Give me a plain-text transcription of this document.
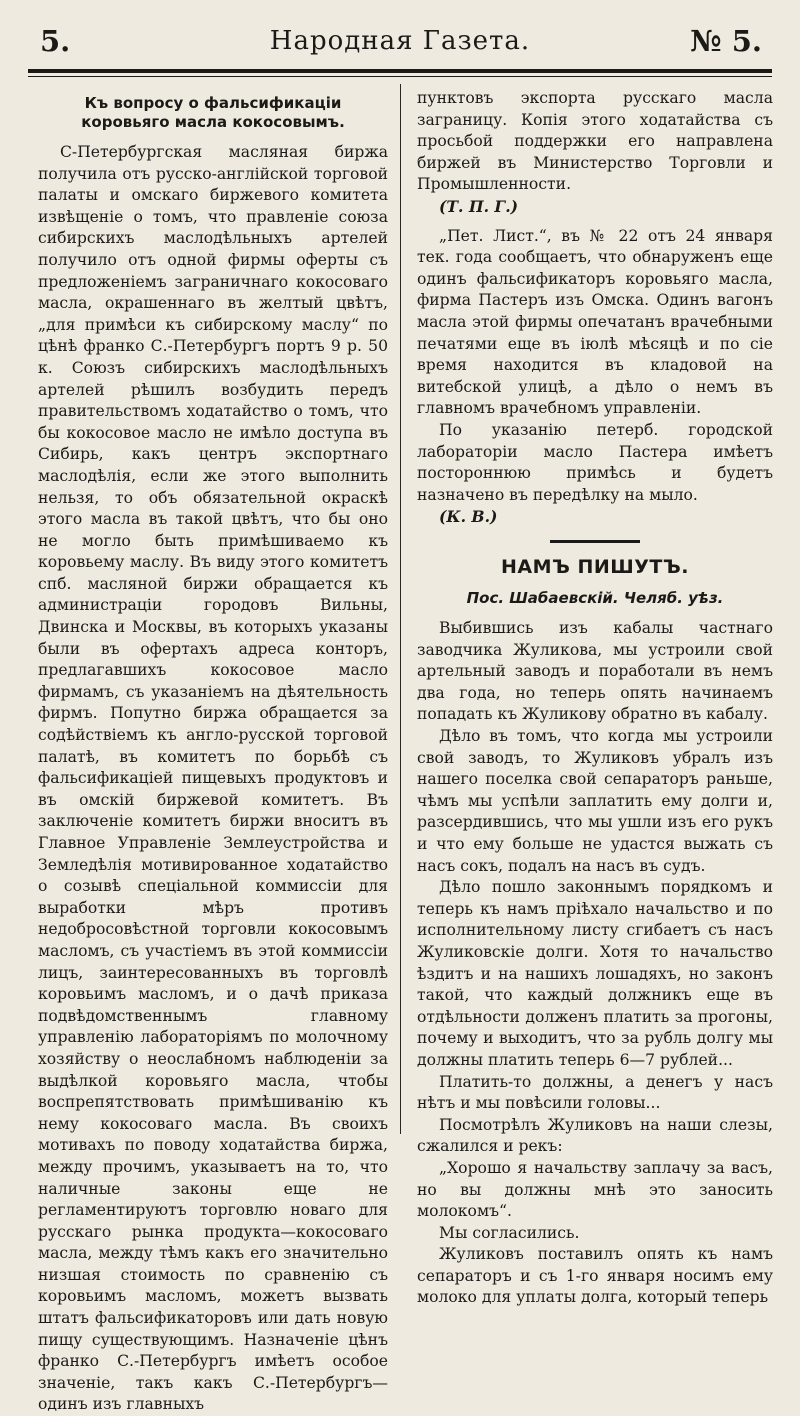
5.	Народная Газета.	№ 5.
Къ вопросу о фальсификаціи коровьяго масла кокосовымъ.

С-Петербургская масляная биржа получила отъ русско-англійской торговой палаты и омскаго биржевого комитета извѣщеніе о томъ, что правленіе союза сибирскихъ маслодѣльныхъ артелей получило отъ одной фирмы оферты съ предложеніемъ заграничнаго кокосоваго масла, окрашеннаго въ желтый цвѣтъ, „для примѣси къ сибирскому маслу“ по цѣнѣ франко С.-Петербургъ портъ 9 р. 50 к. Союзъ сибирскихъ маслодѣльныхъ артелей рѣшилъ возбудить передъ правительствомъ ходатайство о томъ, что бы кокосовое масло не имѣло доступа въ Сибирь, какъ центръ экспортнаго маслодѣлія, если же этого выполнить нельзя, то объ обязательной окраскѣ этого масла въ такой цвѣтъ, что бы оно не могло быть примѣшиваемо къ коровьему маслу. Въ виду этого комитетъ спб. масляной биржи обращается къ администраціи городовъ Вильны, Двинска и Москвы, въ которыхъ указаны были въ офертахъ адреса конторъ, предлагавшихъ кокосовое масло фирмамъ, съ указаніемъ на дѣятельность фирмъ. Попутно биржа обращается за содѣйствіемъ къ англо-русской торговой палатѣ, въ комитетъ по борьбѣ съ фальсификаціей пищевыхъ продуктовъ и въ омскій биржевой комитетъ. Въ заключеніе комитетъ биржи вноситъ въ Главное Управленіе Землеустройства и Земледѣлія мотивированное ходатайство о созывѣ спеціальной коммиссіи для выработки мѣръ противъ недобросовѣстной торговли кокосовымъ масломъ, съ участіемъ въ этой коммиссіи лицъ, заинтересованныхъ въ торговлѣ коровьимъ масломъ, и о дачѣ приказа подвѣдомственнымъ главному управленію лабораторіямъ по молочному хозяйству о неослабномъ наблюденіи за выдѣлкой коровьяго масла, чтобы воспрепятствовать примѣшиванію къ нему кокосоваго масла. Въ своихъ мотивахъ по поводу ходатайства биржа, между прочимъ, указываетъ на то, что наличные законы еще не регламентируютъ торговлю новаго для русскаго рынка продукта—кокосоваго масла, между тѣмъ какъ его значительно низшая стоимость по сравненію съ коровьимъ масломъ, можетъ вызвать штатъ фальсификаторовъ или дать новую пищу существующимъ. Назначеніе цѣнъ франко С.-Петербургъ имѣетъ особое значеніе, такъ какъ С.-Петербургъ—одинъ изъ главныхъ

пунктовъ экспорта русскаго масла заграницу. Копія этого ходатайства съ просьбой поддержки его направлена биржей въ Министерство Торговли и Промышленности.

(Т. П. Г.)

„Пет. Лист.“, въ № 22 отъ 24 января тек. года сообщаетъ, что обнаруженъ еще одинъ фальсификаторъ коровьяго масла, фирма Пастеръ изъ Омска. Одинъ вагонъ масла этой фирмы опечатанъ врачебными печатями еще въ іюлѣ мѣсяцѣ и по сіе время находится въ кладовой на витебской улицѣ, а дѣло о немъ въ главномъ врачебномъ управленіи.

По указанію петерб. городской лабораторіи масло Пастера имѣетъ постороннюю примѣсь и будетъ назначено въ передѣлку на мыло.

(К. В.)

НАМЪ ПИШУТЪ.
Пос. Шабаевскій. Челяб. уѣз.

Выбившись изъ кабалы частнаго заводчика Жуликова, мы устроили свой артельный заводъ и поработали въ немъ два года, но теперь опять начинаемъ попадать къ Жуликову обратно въ кабалу.

Дѣло въ томъ, что когда мы устроили свой заводъ, то Жуликовъ убралъ изъ нашего поселка свой сепараторъ раньше, чѣмъ мы успѣли заплатить ему долги и, разсердившись, что мы ушли изъ его рукъ и что ему больше не удастся выжать съ насъ сокъ, подалъ на насъ въ судъ.

Дѣло пошло законнымъ порядкомъ и теперь къ намъ пріѣхало начальство и по исполнительному листу сгибаетъ съ насъ Жуликовскіе долги. Хотя то начальство ѣздитъ и на нашихъ лошадяхъ, но законъ такой, что каждый должникъ еще въ отдѣльности долженъ платить за прогоны, почему и выходитъ, что за рубль долгу мы должны платить теперь 6—7 рублей...

Платить-то должны, а денегъ у насъ нѣтъ и мы повѣсили головы...

Посмотрѣлъ Жуликовъ на наши слезы, сжалился и рекъ:

„Хорошо я начальству заплачу за васъ, но вы должны мнѣ это заносить молокомъ“.

Мы согласились.

Жуликовъ поставилъ опять къ намъ сепараторъ и съ 1-го января носимъ ему молоко для уплаты долга, который теперь
